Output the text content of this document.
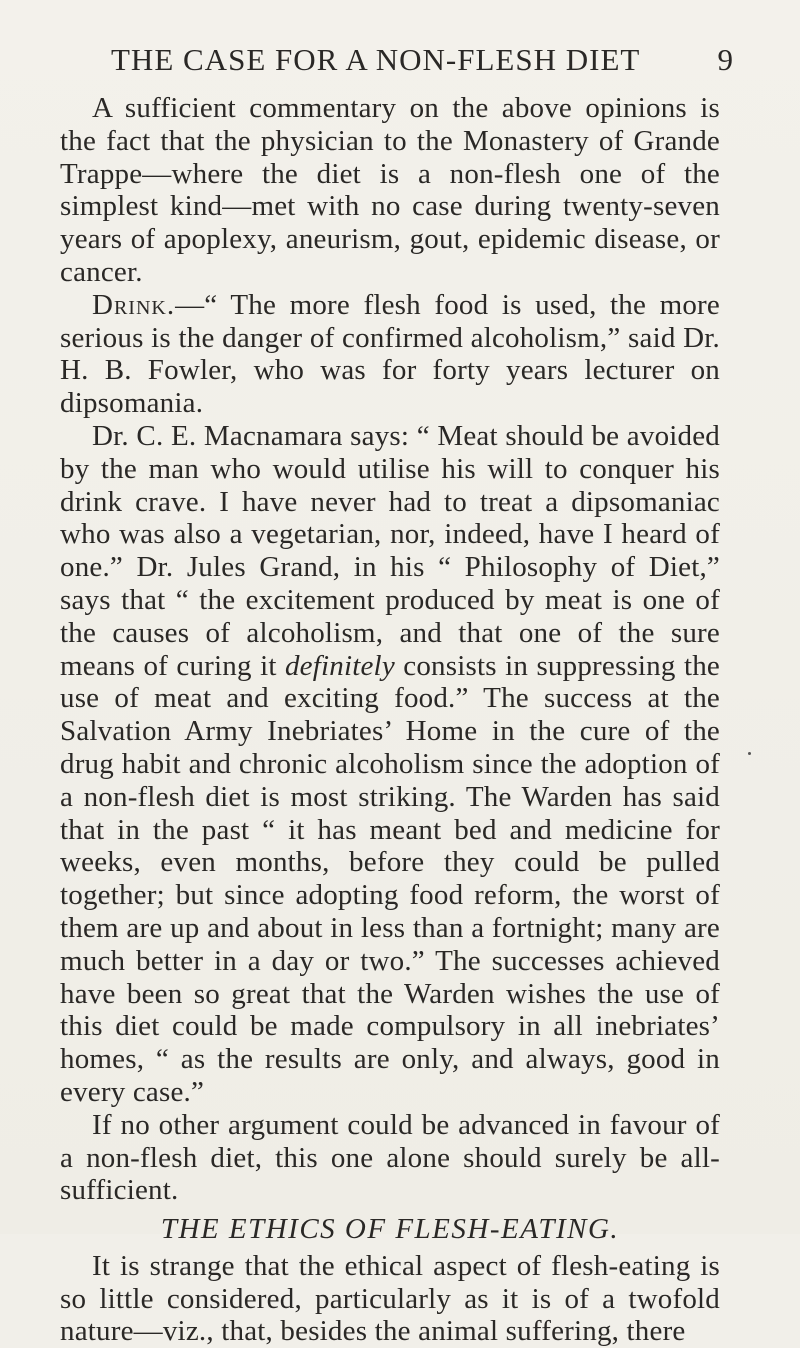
THE CASE FOR A NON-FLESH DIET 9

A sufficient commentary on the above opinions is the fact that the physician to the Monastery of Grande Trappe—where the diet is a non-flesh one of the simplest kind—met with no case during twenty-seven years of apoplexy, aneurism, gout, epidemic disease, or cancer.

Drink.—“ The more flesh food is used, the more serious is the danger of confirmed alcoholism,” said Dr. H. B. Fowler, who was for forty years lecturer on dipsomania.

Dr. C. E. Macnamara says: “ Meat should be avoided by the man who would utilise his will to conquer his drink crave. I have never had to treat a dipsomaniac who was also a vegetarian, nor, indeed, have I heard of one.” Dr. Jules Grand, in his “ Philosophy of Diet,” says that “ the excitement produced by meat is one of the causes of alcoholism, and that one of the sure means of curing it definitely consists in suppressing the use of meat and exciting food.” The success at the Salvation Army Inebriates’ Home in the cure of the drug habit and chronic alcoholism since the adoption of a non-flesh diet is most striking. The Warden has said that in the past “ it has meant bed and medicine for weeks, even months, before they could be pulled together; but since adopting food reform, the worst of them are up and about in less than a fortnight; many are much better in a day or two.” The successes achieved have been so great that the Warden wishes the use of this diet could be made compulsory in all inebriates’ homes, “ as the results are only, and always, good in every case.”

If no other argument could be advanced in favour of a non-flesh diet, this one alone should surely be all-sufficient.

THE ETHICS OF FLESH-EATING.

It is strange that the ethical aspect of flesh-eating is so little considered, particularly as it is of a twofold nature—viz., that, besides the animal suffering, there
